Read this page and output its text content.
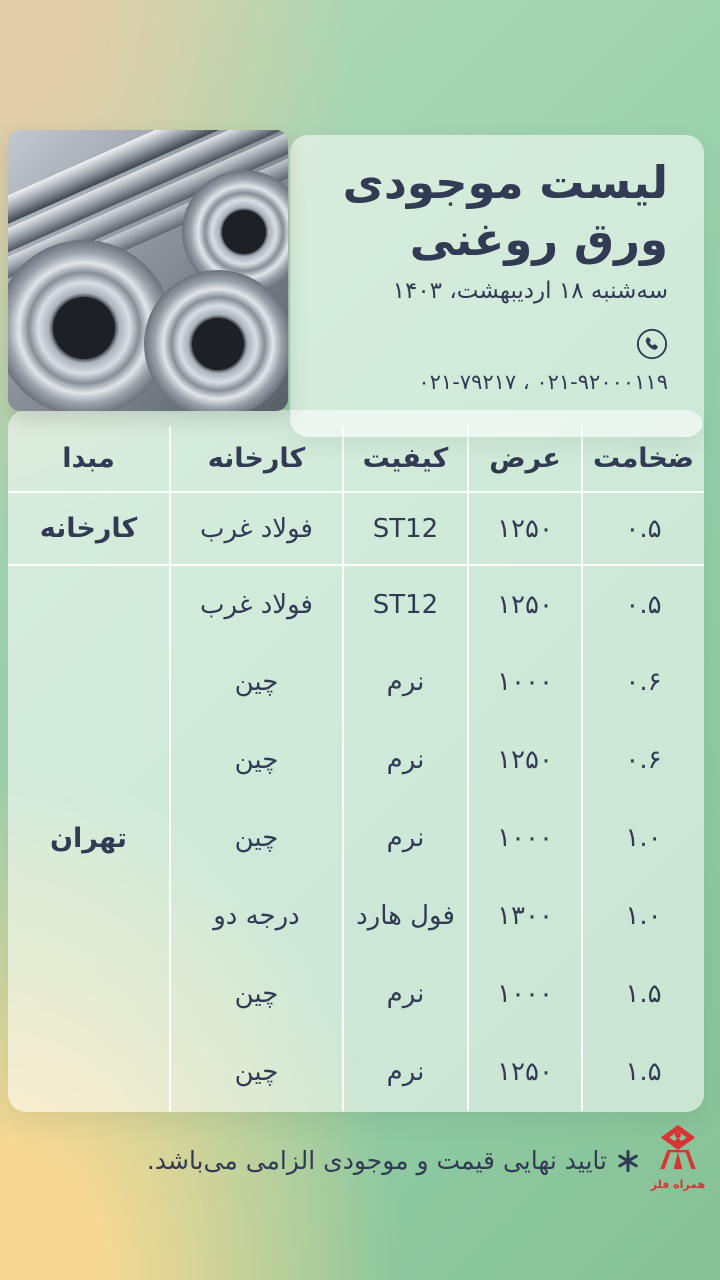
لیست موجودی
ورق روغنی
سه‌شنبه ۱۸ اردیبهشت، ۱۴۰۳
۰۲۱-۹۲۰۰۰۱۱۹ ، ۰۲۱-۷۹۲۱۷
ضخامت	عرض	کیفیت	کارخانه	مبدا
۰.۵	۱۲۵۰	ST12	فولاد غرب	کارخانه
۰.۵	۱۲۵۰	ST12	فولاد غرب	تهران
۰.۶	۱۰۰۰	نرم	چین	
۰.۶	۱۲۵۰	نرم	چین	
۱.۰	۱۰۰۰	نرم	چین	
۱.۰	۱۳۰۰	فول هارد	درجه دو	
۱.۵	۱۰۰۰	نرم	چین	
۱.۵	۱۲۵۰	نرم	چین	
همراه فلز
تایید نهایی قیمت و موجودی الزامی می‌باشد.
